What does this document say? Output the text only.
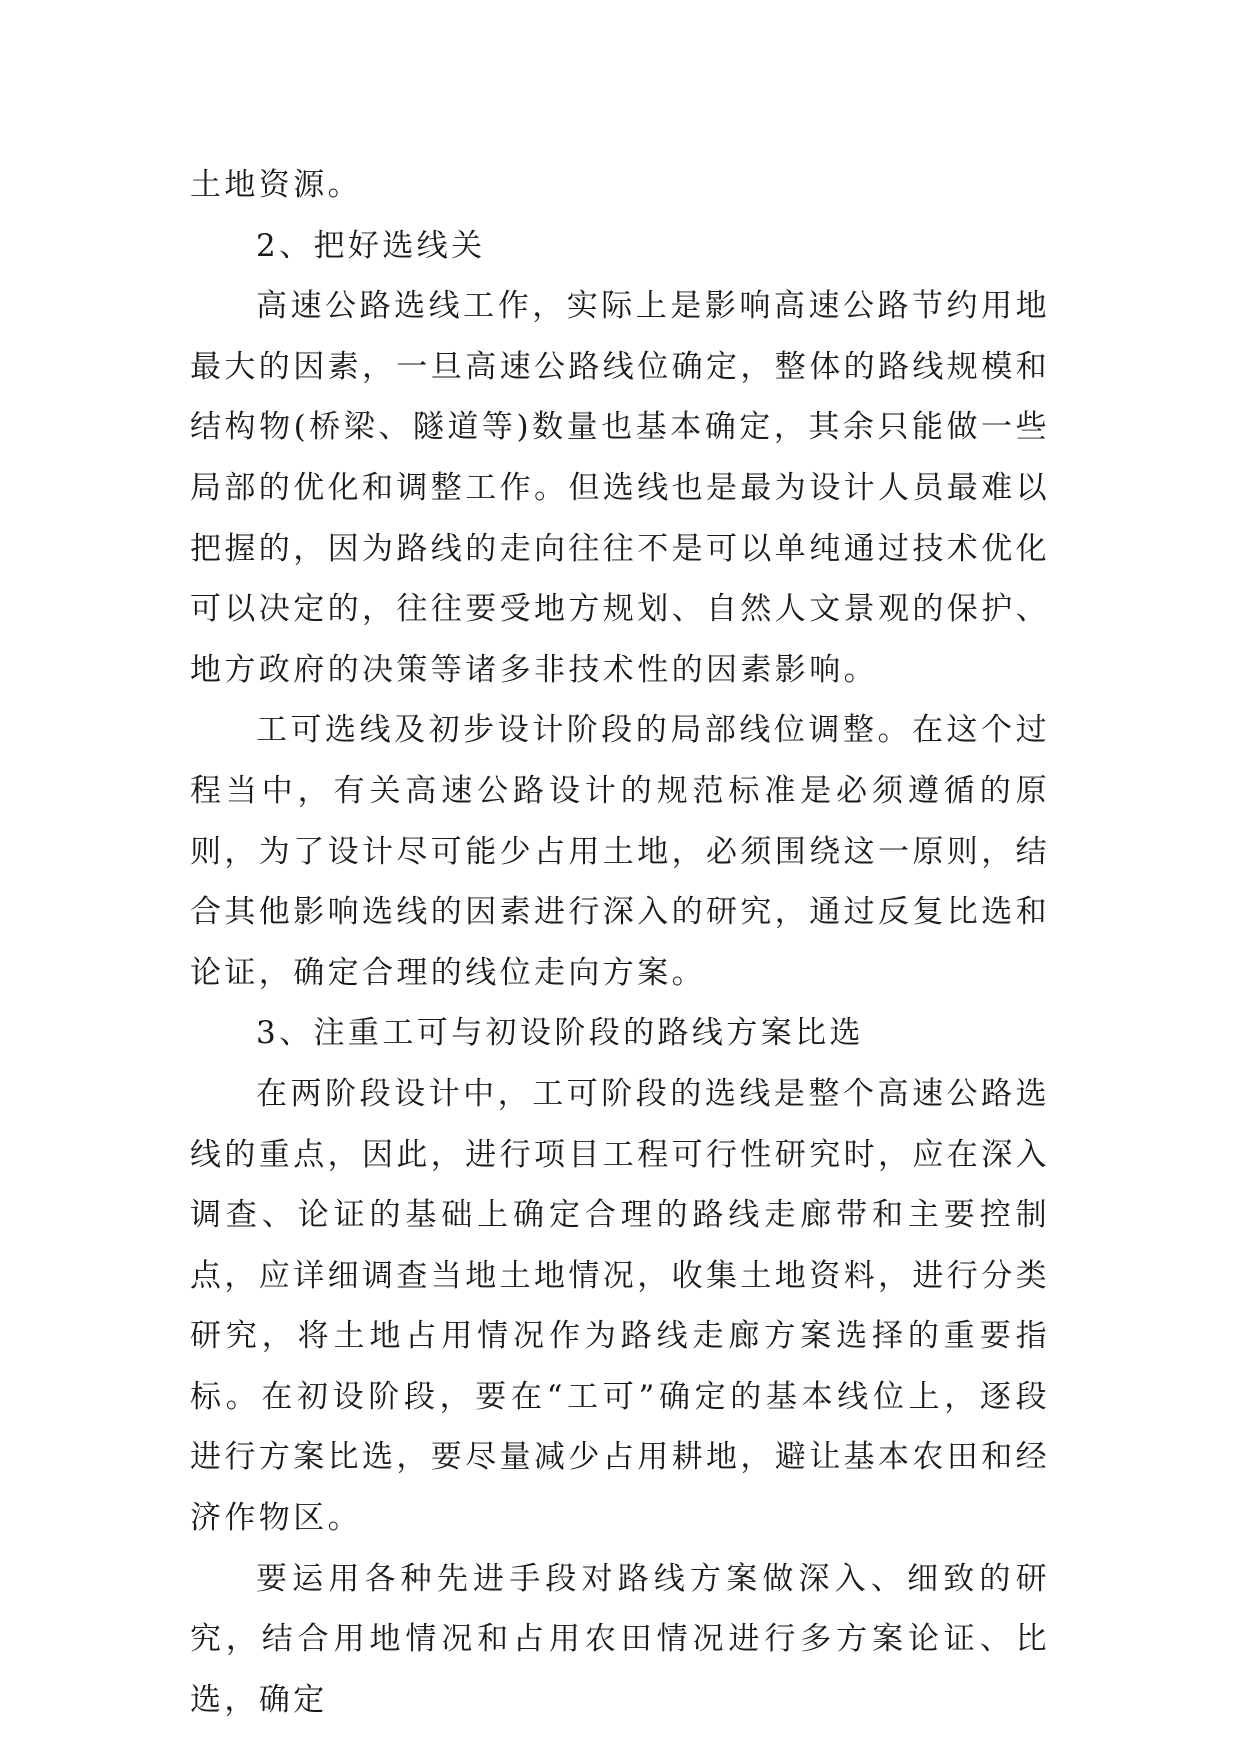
土地资源。

2、把好选线关

高速公路选线工作，实际上是影响高速公路节约用地最大的因素，一旦高速公路线位确定，整体的路线规模和结构物(桥梁、隧道等)数量也基本确定，其余只能做一些局部的优化和调整工作。但选线也是最为设计人员最难以把握的，因为路线的走向往往不是可以单纯通过技术优化可以决定的，往往要受地方规划、自然人文景观的保护、地方政府的决策等诸多非技术性的因素影响。

工可选线及初步设计阶段的局部线位调整。在这个过程当中，有关高速公路设计的规范标准是必须遵循的原则，为了设计尽可能少占用土地，必须围绕这一原则，结合其他影响选线的因素进行深入的研究，通过反复比选和论证，确定合理的线位走向方案。

3、注重工可与初设阶段的路线方案比选

在两阶段设计中，工可阶段的选线是整个高速公路选线的重点，因此，进行项目工程可行性研究时，应在深入调查、论证的基础上确定合理的路线走廊带和主要控制点，应详细调查当地土地情况，收集土地资料，进行分类研究，将土地占用情况作为路线走廊方案选择的重要指标。在初设阶段，要在“工可”确定的基本线位上，逐段进行方案比选，要尽量减少占用耕地，避让基本农田和经济作物区。

要运用各种先进手段对路线方案做深入、细致的研究，结合用地情况和占用农田情况进行多方案论证、比选，确定
